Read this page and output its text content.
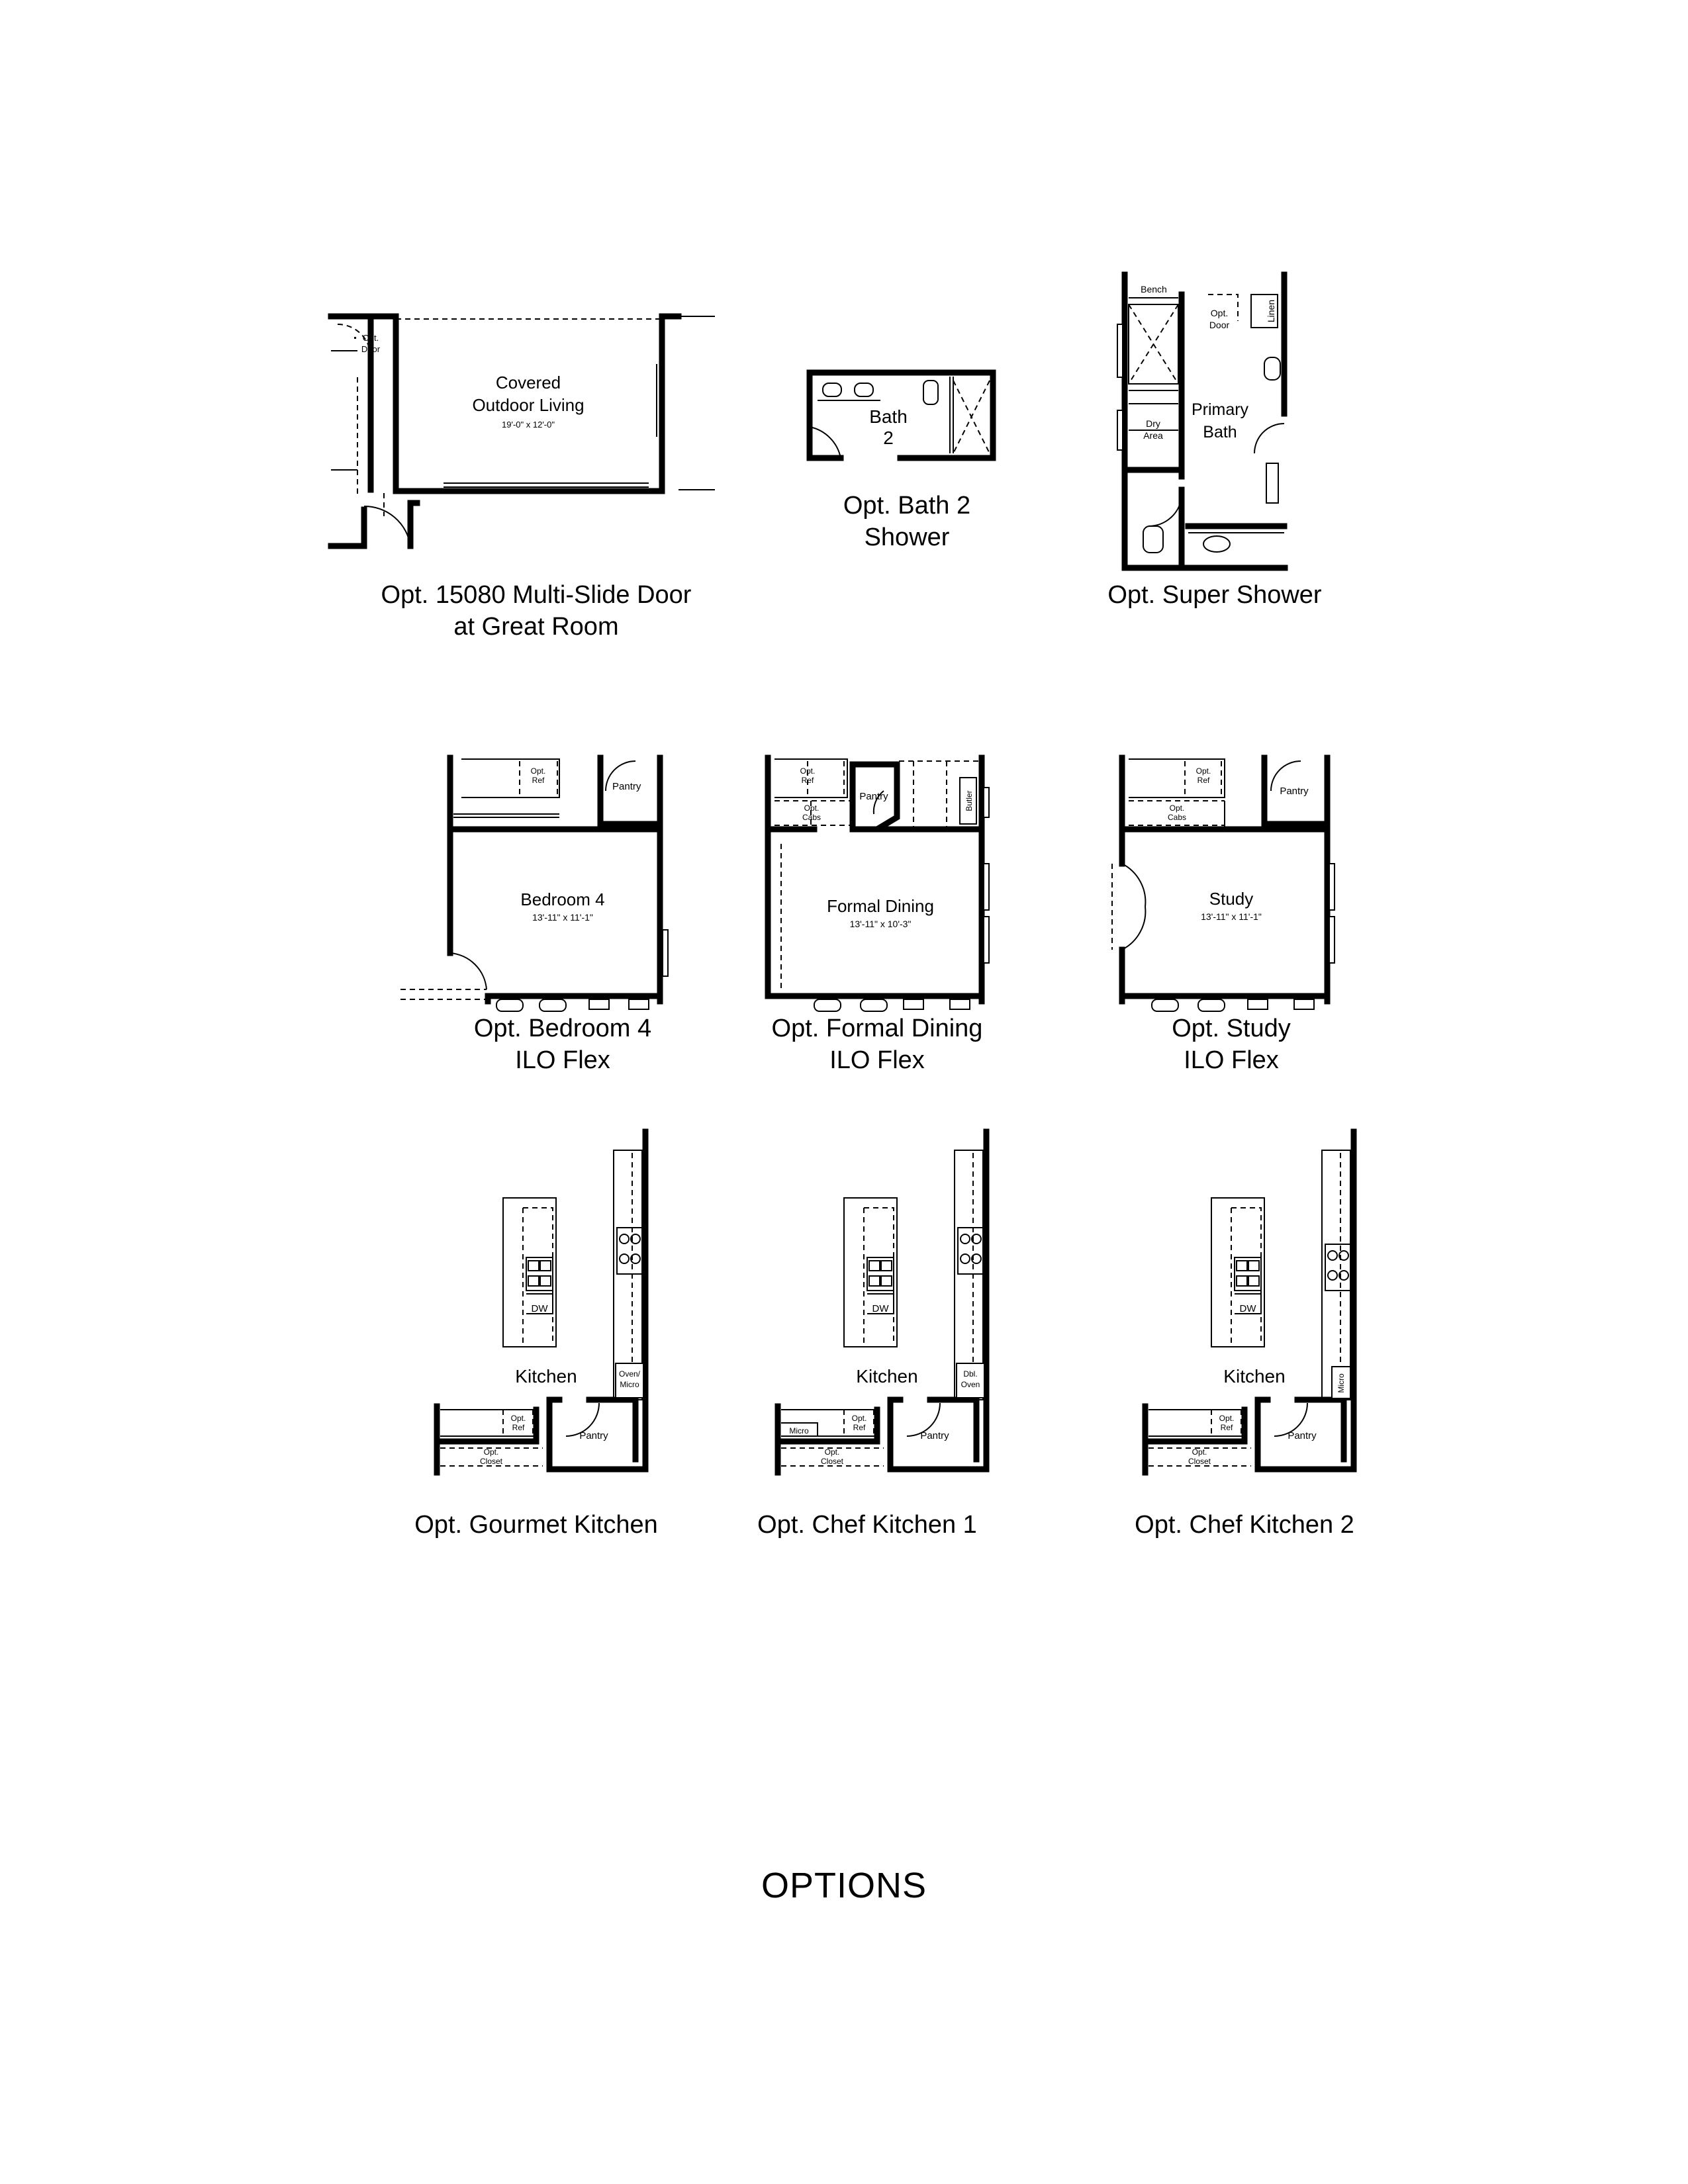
Opt.
Door
Covered
Outdoor Living
19'-0" x 12'-0"
Opt. 15080 Multi-Slide Door
at Great Room
Bath
2
Opt. Bath 2
Shower
Bench
Opt.
Door
Linen
Primary
Bath
Dry
Area
Opt. Super Shower
Opt.
Ref
Pantry
Bedroom 4
13'-11" x 11'-1"
Opt. Bedroom 4
ILO Flex
Opt.
Ref
Opt.
Cabs
Pantry	Butler
Formal Dining
13'-11" x 10'-3"
Opt. Formal Dining
ILO Flex
Opt.
Ref
Opt.
Cabs
Pantry
Study
13'-11" x 11'-1"
Opt. Study
ILO Flex
Kitchen
DW
Oven/
Micro
Opt.
Ref
Pantry
Opt.
Closet
Opt. Gourmet Kitchen
Kitchen
DW
Dbl.
Oven
Micro
Opt.
Ref
Pantry
Opt.
Closet
Opt. Chef Kitchen 1
Kitchen
DW
Micro
Opt.
Ref
Pantry
Opt.
Closet
Opt. Chef Kitchen 2
OPTIONS
